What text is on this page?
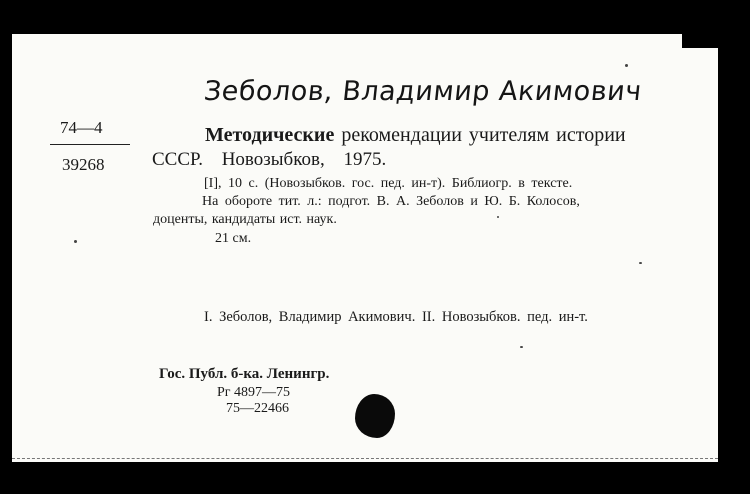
Зеболов, Владимир Акимович
74—4
39268
Методические рекомендации учителям истории
СССР. Новозыбков, 1975.
[I], 10 с. (Новозыбков. гос. пед. ин-т). Библиогр. в тексте.
На обороте тит. л.: подгот. В. А. Зеболов и Ю. Б. Колосов,
доценты, кандидаты ист. наук.
21 см.
I. Зеболов, Владимир Акимович. II. Новозыбков. пед. ин-т.
Гос. Публ. б-ка. Ленингр.
Рг 4897—75
75—22466
